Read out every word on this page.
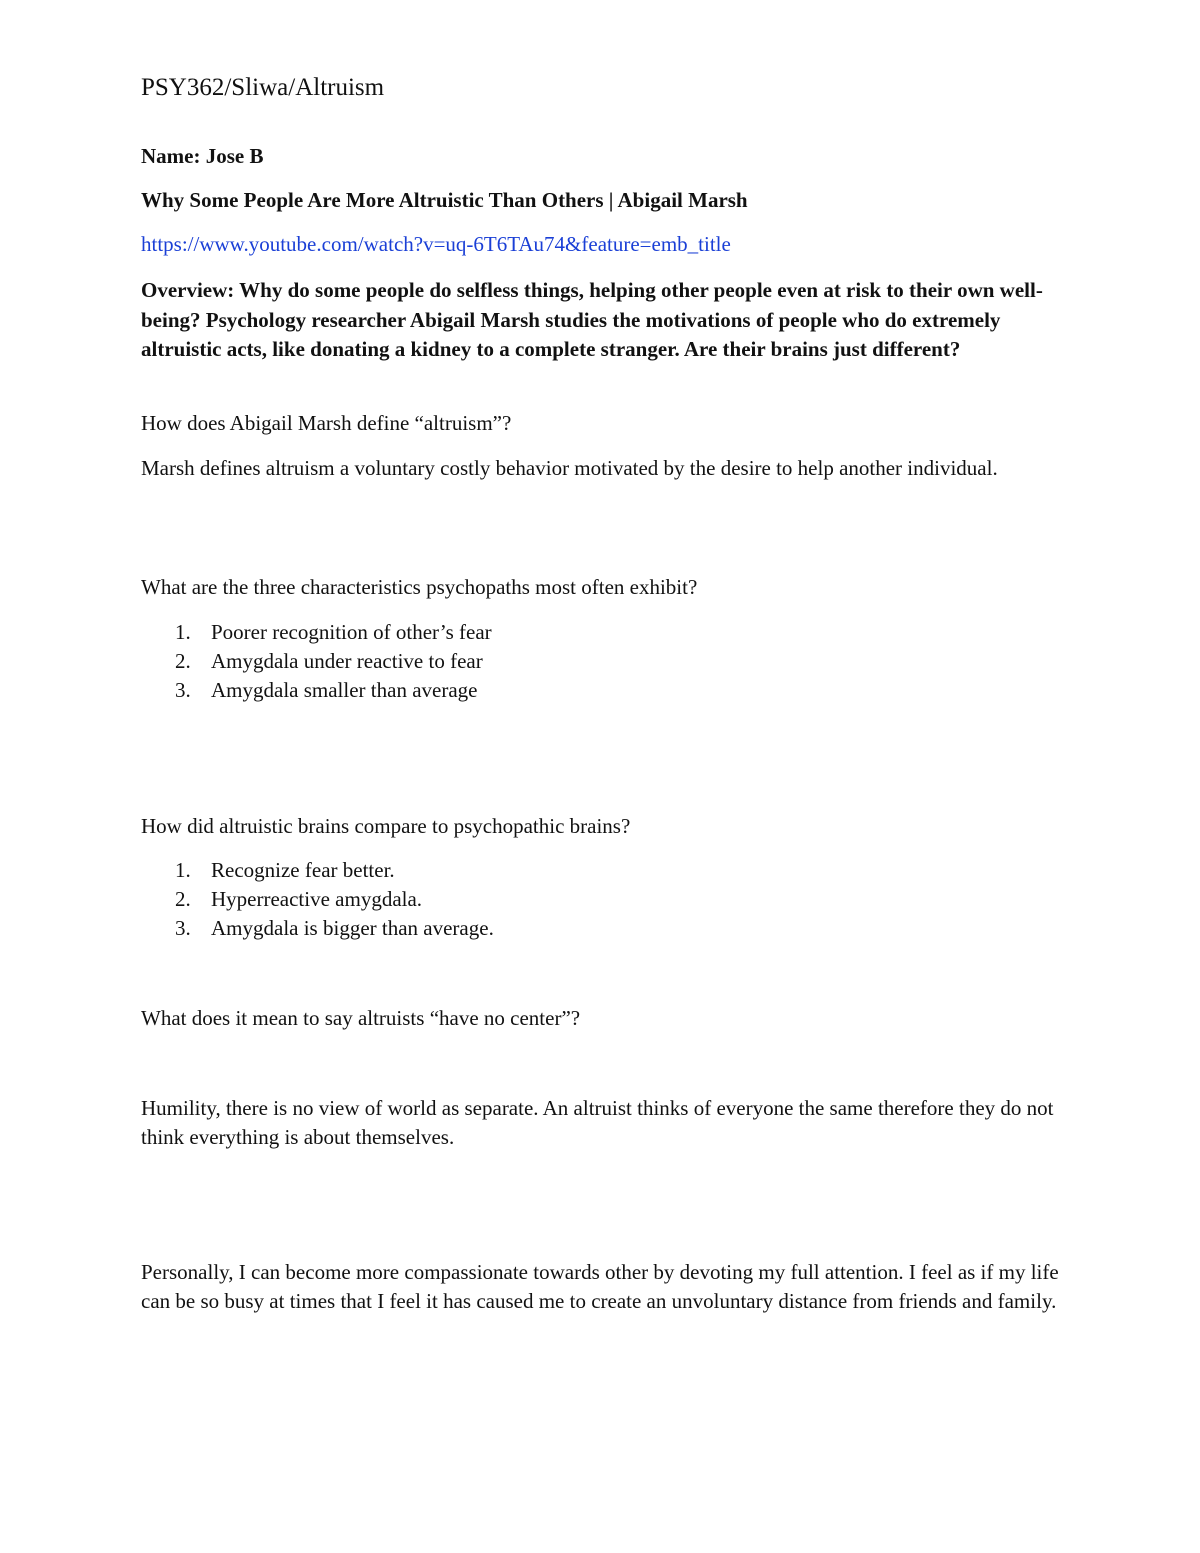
PSY362/Sliwa/Altruism

Name: Jose B

Why Some People Are More Altruistic Than Others | Abigail Marsh

https://www.youtube.com/watch?v=uq-6T6TAu74&feature=emb_title

Overview: Why do some people do selfless things, helping other people even at risk to their own well-being? Psychology researcher Abigail Marsh studies the motivations of people who do extremely altruistic acts, like donating a kidney to a complete stranger. Are their brains just different?

How does Abigail Marsh define “altruism”?

Marsh defines altruism a voluntary costly behavior motivated by the desire to help another individual.

What are the three characteristics psychopaths most often exhibit?

1. Poorer recognition of other’s fear
2. Amygdala under reactive to fear
3. Amygdala smaller than average

How did altruistic brains compare to psychopathic brains?

1. Recognize fear better.
2. Hyperreactive amygdala.
3. Amygdala is bigger than average.

What does it mean to say altruists “have no center”?

Humility, there is no view of world as separate. An altruist thinks of everyone the same therefore they do not think everything is about themselves.

Personally, I can become more compassionate towards other by devoting my full attention. I feel as if my life can be so busy at times that I feel it has caused me to create an unvoluntary distance from friends and family.
